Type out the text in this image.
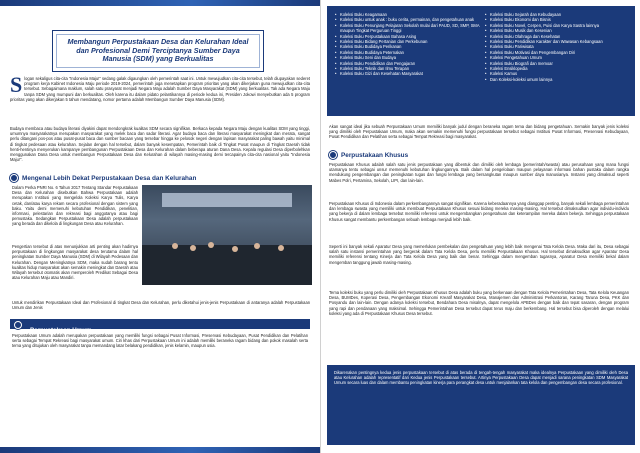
Membangun Perpustakaan Desa dan Kelurahan Ideal dan Profesional Demi Terciptanya Sumber Daya Manusia (SDM) yang Berkualitas
S logan sekaligus cita-cita "Indonesia Maju!" sedang galak digaungkan oleh pemerintah saat ini. Untuk mewujudkan cita-cita tersebut, telah diupayakan sederet program kerja Kabinet Indonesia Maju periode 2019-2024, pemerintah juga menetapkan program prioritas yang akan dikerjakan guna mewujudkan cita-cita tersebut. Sebagaimana maklum, salah satu prasyarat menjadi Negara Maju adalah Sumber Daya Masyarakat (SDM) yang berkualitas. Tak ada Negara Maju tanpa SDM yang mumpuni dan berkualitas. Oleh karena itu dalam pidato pelantikannya di periode kedua ini, Presiden Jokowi menyebutkan ada 5 program prioritas yang akan dikerjakan 5 tahun mendatang, nomor pertama adalah Membangun Sumber Daya Manusia (SDM).
Budaya membaca atau budaya literasi diyakini dapat mendongkrak kualitas SDM secara signifikan. Berkaca kepada Negara Maju dengan kualitas SDM yang tinggi, umumnya masyarakatnya merupakan masyarakat yang melek baca dan sadar literasi. Agar budaya baca dan literasi masyarakat meningkat dan merata, sangat perlu ditangani pos-pos atau pusat-pusat baca dan sumber bacaan yang tersebar hingga ke pelosok negeri dengan lapisan masyarakat paling bawah yaitu minimal di tingkat pedesaan atau kelurahan. Sejalan dengan hal tersebut, dalam banyak kesempatan, Pemerintah baik di Tingkat Pusat maupun di Tingkat Daerah tidak henti-hentinya menyerukan kampanye pembangunan Perpustakaan Desa dan Kelurahan dalam beberapa aturan Dana Desa. Kepala regulasi Desa diperbolehkan menggunakan Dana Desa untuk membangun Perpustakaan Desa dan Kelurahan di wilayah masing-masing demi tercapainya cita-cita nasional yaitu "Indonesia Maju!".
Mengenal Lebih Dekat Perpustakaan Desa dan Kelurahan
Dalam Perka PNRI No. 6 Tahun 2017 Tentang Standar Perpustakaan Desa dan Kelurahan disebutkan Bahwa Perpustakaan adalah merupakan Institusi yang mengelola Koleksi Karya Tulis, Karya cetak, dan/atau karya rekam secara profesional dengan sistem yang baku. Yaitu demi memenuhi kebutuhan Pendidikan, penelitian, informasi, pelestarian dan rekreasi bagi anggotanya atau bagi pemustaka. Sedangkan Perpustakaan Desa adalah perpustakaan yang berada dan dikelola di lingkungan Desa atau Kelurahan.
Pengertian tersebut di atas menunjukkan arti penting akan hadirnya perpustakaan di lingkungan masyarakat desa terutama dalam hal peningkatan Sumber Daya Manusia (SDM) di Wilayah Pedesaan dan Kelurahan. Dengan Meningkatnya SDM, maka sudah barang tentu kualitas hidup masyarakat akan semakin meningkat dan Daerah atau Wilayah tersebut otomatis akan memperoleh Predikat Sebagai Desa atau Kelurahan Maju atau Mandiri.
Untuk mendirikan Perpustakaan Ideal dan Profesional di tingkat Desa dan Kelurahan, perlu diketahui jenis-jenis Perpustakaan di antaranya adalah Perpustakaan Umum dan Jenis
Perpustakaan Umum
Perpustakaan Umum adalah merupakan perpustakaan yang memiliki fungsi sebagai Pusat Informasi, Preservasi Kebudayaan, Pusat Pendidikan dan Pelatihan serta sebagai Tempat Rekreasi bagi masyarakat umum. Ciri khas dari Perpustakaan Umum ini adalah memiliki beraneka ragam bidang dan pokok masalah serta tema yang ditujukan oleh masyarakat tanpa memandang latar belakang pendidikan, jenis kelamin, maupun usia.
• Koleksi Buku Keagamaan
• Koleksi Buku untuk anak : buku cerita, permainan, dan pengetahuan anak
• Koleksi Buku Penunjang Pelajaran Sekolah mulai dari PAUD, SD, SMP, SMA maupun Tingkat Perguruan Tinggi
• Koleksi Buku Perpustakaan Bahasa Asing
• Koleksi Buku Bidang Pertanian dan Perkebunan
• Koleksi Buku Budidaya Perikanan
• Koleksi Buku Budidaya Peternakan
• Koleksi Buku Seni dan Budaya
• Koleksi Buku Pendidikan dan Pengajaran
• Koleksi Buku Teknik dan Ilmu Terapan
• Koleksi Buku Gizi dan Kesehatan Masyarakat
• Koleksi Buku Sejarah dan Kebudayaan
• Koleksi Buku Ekonomi dan Bisnis
• Koleksi Buku Novel, Cerpen, Puisi dan Karya Sastra lainnya
• Koleksi Buku Musik dan Kesenian
• Koleksi Buku Olahraga dan Kesehatan
• Koleksi Buku Pendidikan Karakter dan Wawasan Kebangsaan
• Koleksi Buku Pariwisata
• Koleksi Buku Motivasi dan Pengembangan Diri
• Koleksi Pengetahuan Umum
• Koleksi Buku Biografi dan memoar
• Koleksi Ensiklopedia
• Koleksi Kamus
• Dan Koleksi-koleksi umum lainnya
Akan sangat ideal jika sebuah Perpustakaan Umum memiliki banyak judul dengan beraneka ragam tema dan bidang pengetahuan. Semakin banyak jenis koleksi yang dimiliki oleh Perpustakaan Umum, maka akan semakin memenuhi fungsi perpustakaan tersebut sebagai Institusi Pusat Informasi, Preservasi Kebudayaan, Pusat Pendidikan dan Pelatihan serta sebagai Tempat Rekreasi bagi masyarakat.
Perpustakaan Khusus
Perpustakaan Khusus adalah salah satu jenis perpustakaan yang dibentuk dan dimiliki oleh lembaga (pemerintah/swasta) atau perusahaan yang mana fungsi utamanya tentu sebagai unsur memenuhi kebutuhan lingkungannya. Baik dalam hal pengelolaan maupun pelayanan informasi bahan pustaka dalam rangka mendukung pengembangan dan peningkatan tugas dan fungsi lembaga yang bersangkutan maupun sumber daya manusianya. Instansi yang dimaksud seperti Mabes Polri, Pertamina, Sekolah, LIPI, dan lain-lain.
Perpustakaan Khusus di Indonesia dalam perkembangannya sangat signifikan. Karena keberadaannya yang dianggap penting, banyak sekali lembaga pemerintahan dan lembaga swasta yang memiliki untuk membuat Perpustakaan Khusus sesuai bidang mereka masing-masing. Hal tersebut dimaksudkan agar individu-individu yang bekerja di dalam lembaga tersebut memiliki referensi untuk mengembangkan pengetahuan dan keterampilan mereka dalam bekerja. Sehingga perpustakaan Khusus sangat membantu perkembangan sebuah lembaga menjadi lebih baik.
Seperti ini banyak sekali Aparatur Desa yang memerlukan pembekalan dan pengetahuan yang lebih baik mengenai Tata Kelola Desa. Maka dari itu, Desa sebagai salah satu instansi pemerintahan yang bergerak dalam Tata Kelola Desa, perlu memiliki Perpustakaan Khusus. Hal tersebut dimaksudkan agar Aparatur Desa memiliki referensi tentang Kinerja dan Tata Kelola Desa yang baik dan benar. Sehingga dalam mengemban tugasnya, Aparatur Desa memiliki bekal dalam mengemban tanggung jawab masing-masing.
Tema koleksi buku yang perlu dimiliki oleh Perpustakaan Khusus Desa adalah buku yang berkenaan dengan Tata Kelola Pemerintahan Desa, Tata Kelola Keuangan Desa, BUMDes, Koperasi Desa, Pengembangan Ekonomi Kreatif Masyarakat Desa, Manajemen dan Administrasi Perkantoran, Karang Taruna Desa, PKK dan Posyandu dan lain-lain. Dengan adanya koleksi tersebut, Bendahara Desa misalnya, dapat mengelola APBDes dengan baik dan tepat sasaran, dengan program yang rapi dan pendanaan yang maksimal. Sehingga Pemerintahan Desa tersebut dapat terus maju dan berkembang. Hal tersebut bisa diperoleh dengan melalui koleksi yang ada di Perpustakaan Khusus Desa tersebut.
Dikarenakan pentingnya kedua jenis perpustakaan tersebut di atas berada di tengah-tengah masyarakat maka idealnya Perpustakaan yang dimiliki oleh Desa atau Kelurahan adalah representatif dari Kedua jenis Perpustakaan tersebut. Artinya Perpustakaan Desa dapat menjadi sarana peningkatan SDM Masyarakat Umum secara luas dan dalam membantu peningkatan kinerja para perangkat desa untuk menjalankan tata kelola dan pengembangan desa secara profesional.
